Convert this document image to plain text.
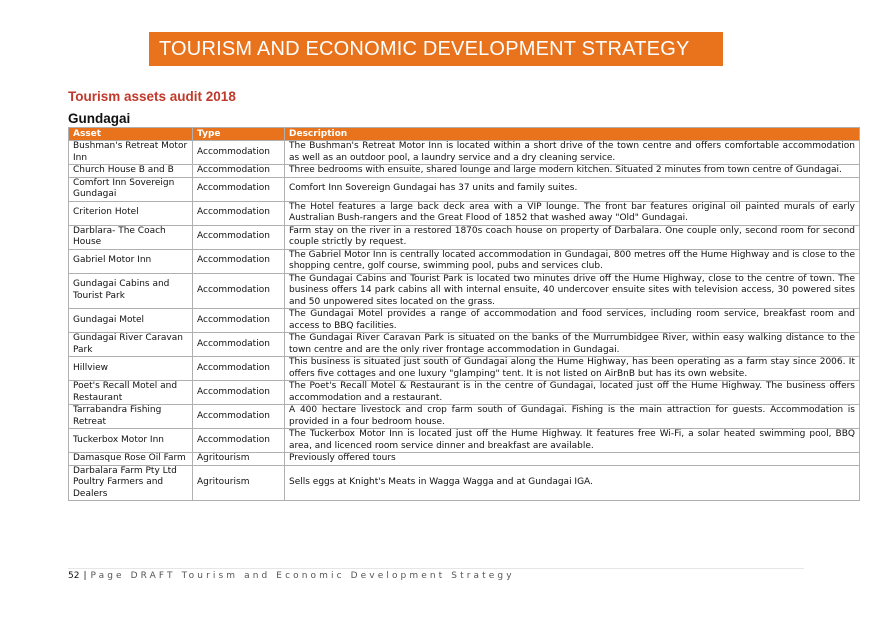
TOURISM AND ECONOMIC DEVELOPMENT STRATEGY
Tourism assets audit 2018
Gundagai
Asset	Type	Description
Bushman's Retreat Motor Inn	Accommodation	The Bushman's Retreat Motor Inn is located within a short drive of the town centre and offers comfortable accommodation as well as an outdoor pool, a laundry service and a dry cleaning service.
Church House B and B	Accommodation	Three bedrooms with ensuite, shared lounge and large modern kitchen. Situated 2 minutes from town centre of Gundagai.
Comfort Inn Sovereign Gundagai	Accommodation	Comfort Inn Sovereign Gundagai has 37 units and family suites.
Criterion Hotel	Accommodation	The Hotel features a large back deck area with a VIP lounge. The front bar features original oil painted murals of early Australian Bush-rangers and the Great Flood of 1852 that washed away "Old" Gundagai.
Darblara- The Coach House	Accommodation	Farm stay on the river in a restored 1870s coach house on property of Darbalara. One couple only, second room for second couple strictly by request.
Gabriel Motor Inn	Accommodation	The Gabriel Motor Inn is centrally located accommodation in Gundagai, 800 metres off the Hume Highway and is close to the shopping centre, golf course, swimming pool, pubs and services club.
Gundagai Cabins and Tourist Park	Accommodation	The Gundagai Cabins and Tourist Park is located two minutes drive off the Hume Highway, close to the centre of town. The business offers 14 park cabins all with internal ensuite, 40 undercover ensuite sites with television access, 30 powered sites and 50 unpowered sites located on the grass.
Gundagai Motel	Accommodation	The Gundagai Motel provides a range of accommodation and food services, including room service, breakfast room and access to BBQ facilities.
Gundagai River Caravan Park	Accommodation	The Gundagai River Caravan Park is situated on the banks of the Murrumbidgee River, within easy walking distance to the town centre and are the only river frontage accommodation in Gundagai.
Hillview	Accommodation	This business is situated just south of Gundagai along the Hume Highway, has been operating as a farm stay since 2006. It offers five cottages and one luxury "glamping" tent. It is not listed on AirBnB but has its own website.
Poet's Recall Motel and Restaurant	Accommodation	The Poet's Recall Motel & Restaurant is in the centre of Gundagai, located just off the Hume Highway. The business offers accommodation and a restaurant.
Tarrabandra Fishing Retreat	Accommodation	A 400 hectare livestock and crop farm south of Gundagai. Fishing is the main attraction for guests. Accommodation is provided in a four bedroom house.
Tuckerbox Motor Inn	Accommodation	The Tuckerbox Motor Inn is located just off the Hume Highway. It features free Wi-Fi, a solar heated swimming pool, BBQ area, and licenced room service dinner and breakfast are available.
Damasque Rose Oil Farm	Agritourism	Previously offered tours
Darbalara Farm Pty Ltd Poultry Farmers and Dealers	Agritourism	Sells eggs at Knight's Meats in Wagga Wagga and at Gundagai IGA.
52 | Page DRAFT Tourism and Economic Development Strategy
